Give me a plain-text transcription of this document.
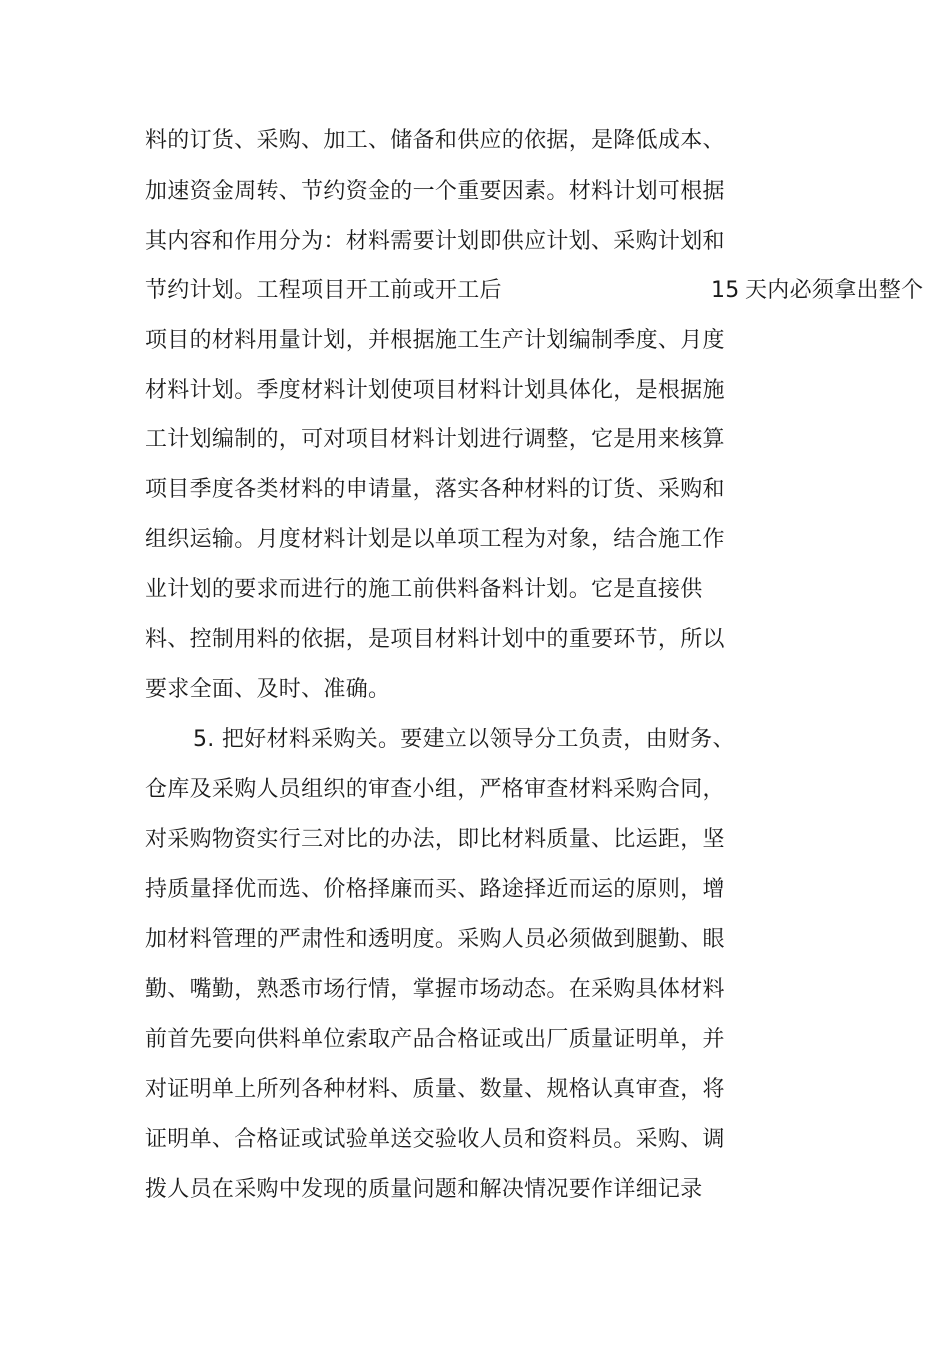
料的订货、采购、加工、储备和供应的依据，是降低成本、
加速资金周转、节约资金的一个重要因素。材料计划可根据
其内容和作用分为：材料需要计划即供应计划、采购计划和
节约计划。工程项目开工前或开工后	15 天内必须拿出整个
项目的材料用量计划，并根据施工生产计划编制季度、月度
材料计划。季度材料计划使项目材料计划具体化，是根据施
工计划编制的，可对项目材料计划进行调整，它是用来核算
项目季度各类材料的申请量，落实各种材料的订货、采购和
组织运输。月度材料计划是以单项工程为对象，结合施工作
业计划的要求而进行的施工前供料备料计划。它是直接供
料、控制用料的依据，是项目材料计划中的重要环节，所以
要求全面、及时、准确。
5. 把好材料采购关。要建立以领导分工负责，由财务、
仓库及采购人员组织的审查小组，严格审查材料采购合同，
对采购物资实行三对比的办法，即比材料质量、比运距，坚
持质量择优而选、价格择廉而买、路途择近而运的原则，增
加材料管理的严肃性和透明度。采购人员必须做到腿勤、眼
勤、嘴勤，熟悉市场行情，掌握市场动态。在采购具体材料
前首先要向供料单位索取产品合格证或出厂质量证明单，并
对证明单上所列各种材料、质量、数量、规格认真审查，将
证明单、合格证或试验单送交验收人员和资料员。采购、调
拨人员在采购中发现的质量问题和解决情况要作详细记录
